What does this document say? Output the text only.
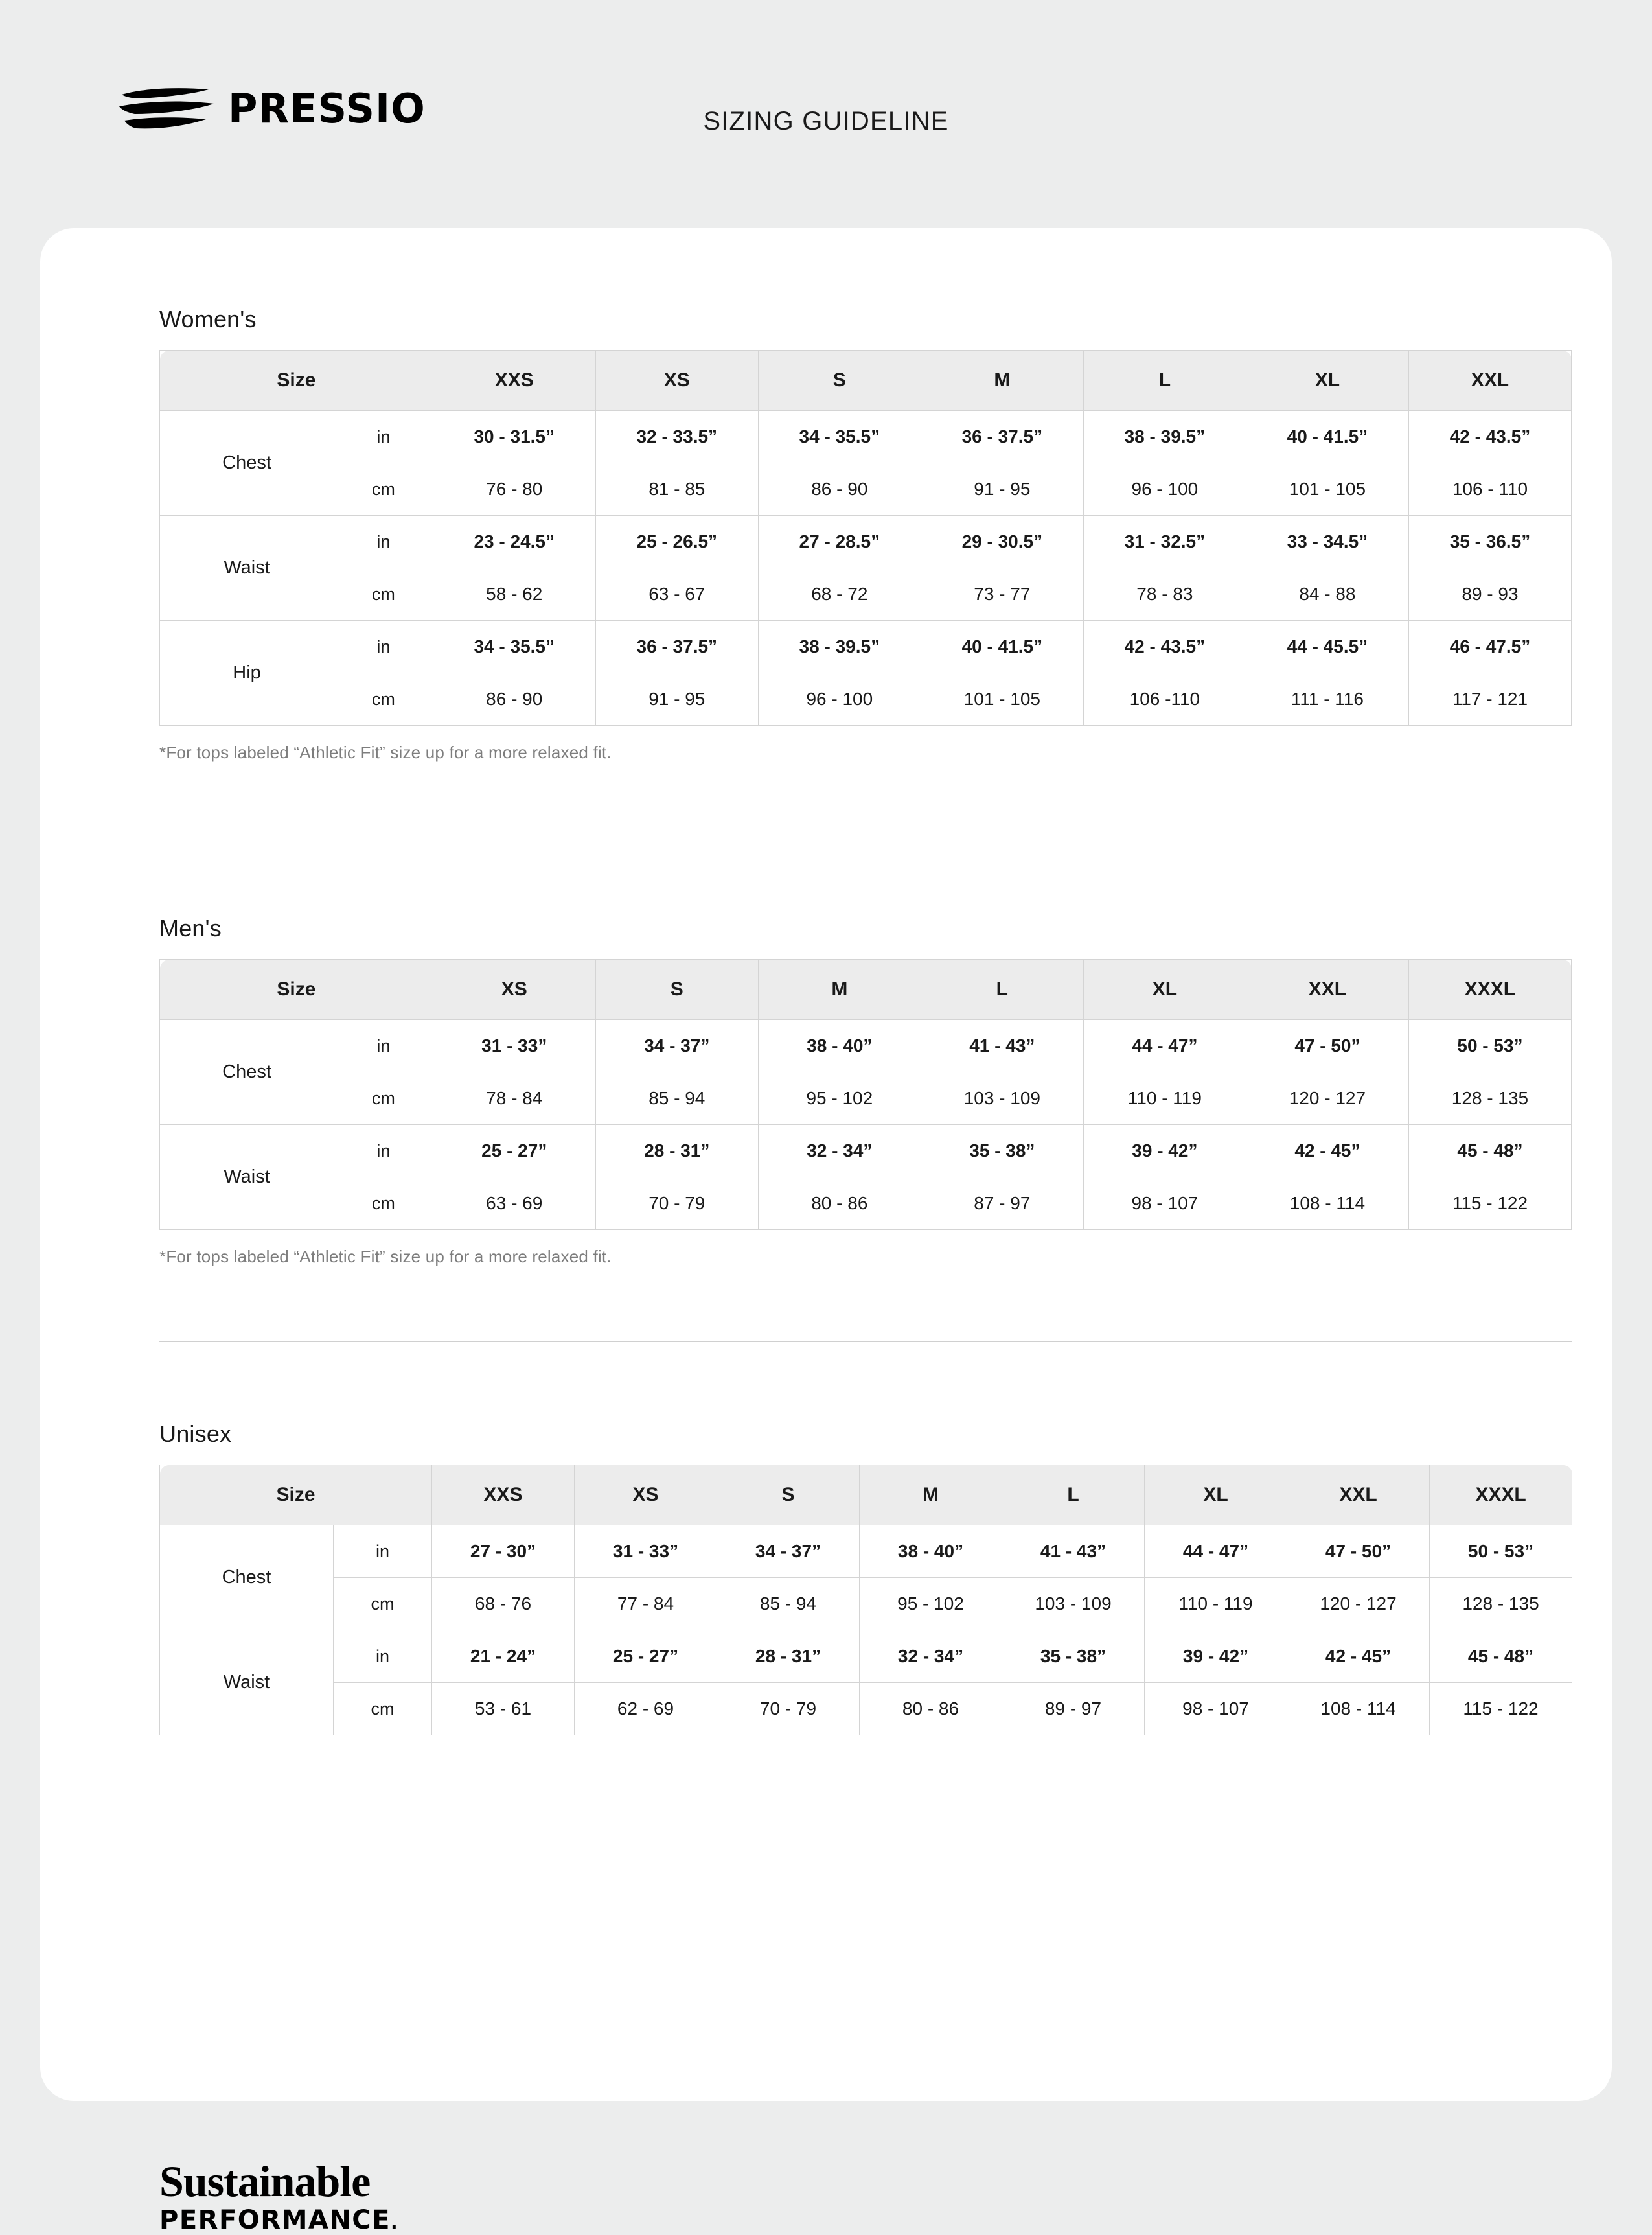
PRESSIO	SIZING GUIDELINE
Women's
Size		XXS	XS	S	M	L	XL	XXL
Chest	in	30 - 31.5”	32 - 33.5”	34 - 35.5”	36 - 37.5”	38 - 39.5”	40 - 41.5”	42 - 43.5”
	cm	76 - 80	81 - 85	86 - 90	91 - 95	96 - 100	101 - 105	106 - 110
Waist	in	23 - 24.5”	25 - 26.5”	27 - 28.5”	29 - 30.5”	31 - 32.5”	33 - 34.5”	35 - 36.5”
	cm	58 - 62	63 - 67	68 - 72	73 - 77	78 - 83	84 - 88	89 - 93
Hip	in	34 - 35.5”	36 - 37.5”	38 - 39.5”	40 - 41.5”	42 - 43.5”	44 - 45.5”	46 - 47.5”
	cm	86 - 90	91 - 95	96 - 100	101 - 105	106 -110	111 - 116	117 - 121
*For tops labeled “Athletic Fit” size up for a more relaxed fit.
Men's
Size		XS	S	M	L	XL	XXL	XXXL
Chest	in	31 - 33”	34 - 37”	38 - 40”	41 - 43”	44 - 47”	47 - 50”	50 - 53”
	cm	78 - 84	85 - 94	95 - 102	103 - 109	110 - 119	120 - 127	128 - 135
Waist	in	25 - 27”	28 - 31”	32 - 34”	35 - 38”	39 - 42”	42 - 45”	45 - 48”
	cm	63 - 69	70 - 79	80 - 86	87 - 97	98 - 107	108 - 114	115 - 122
*For tops labeled “Athletic Fit” size up for a more relaxed fit.
Unisex
Size		XXS	XS	S	M	L	XL	XXL	XXXL
Chest	in	27 - 30”	31 - 33”	34 - 37”	38 - 40”	41 - 43”	44 - 47”	47 - 50”	50 - 53”
	cm	68 - 76	77 - 84	85 - 94	95 - 102	103 - 109	110 - 119	120 - 127	128 - 135
Waist	in	21 - 24”	25 - 27”	28 - 31”	32 - 34”	35 - 38”	39 - 42”	42 - 45”	45 - 48”
	cm	53 - 61	62 - 69	70 - 79	80 - 86	89 - 97	98 - 107	108 - 114	115 - 122
Sustainable
PERFORMANCE.
